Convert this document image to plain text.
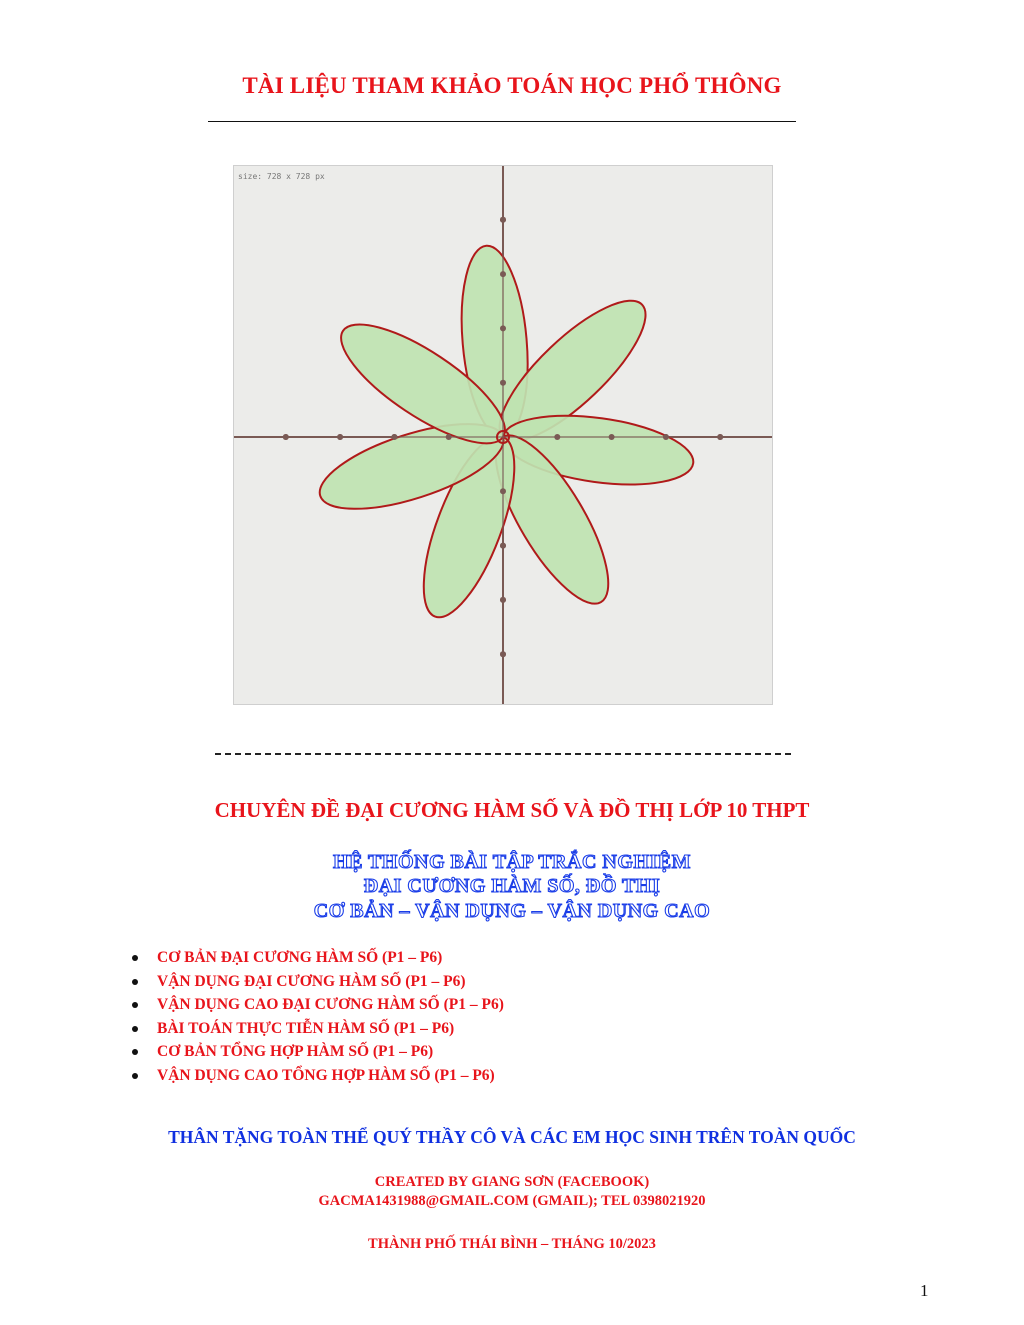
TÀI LIỆU THAM KHẢO TOÁN HỌC PHỔ THÔNG
size: 728 x 728 px
CHUYÊN ĐỀ ĐẠI CƯƠNG HÀM SỐ VÀ ĐỒ THỊ LỚP 10 THPT
HỆ THỐNG BÀI TẬP TRẮC NGHIỆM
ĐẠI CƯƠNG HÀM SỐ, ĐỒ THỊ
CƠ BẢN – VẬN DỤNG – VẬN DỤNG CAO
CƠ BẢN ĐẠI CƯƠNG HÀM SỐ (P1 – P6)
VẬN DỤNG ĐẠI CƯƠNG HÀM SỐ (P1 – P6)
VẬN DỤNG CAO ĐẠI CƯƠNG HÀM SỐ (P1 – P6)
BÀI TOÁN THỰC TIỄN HÀM SỐ (P1 – P6)
CƠ BẢN TỔNG HỢP HÀM SỐ (P1 – P6)
VẬN DỤNG CAO TỔNG HỢP HÀM SỐ (P1 – P6)
THÂN TẶNG TOÀN THỂ QUÝ THẦY CÔ VÀ CÁC EM HỌC SINH TRÊN TOÀN QUỐC
CREATED BY GIANG SƠN (FACEBOOK)
GACMA1431988@GMAIL.COM (GMAIL); TEL 0398021920
THÀNH PHỐ THÁI BÌNH – THÁNG 10/2023
1
